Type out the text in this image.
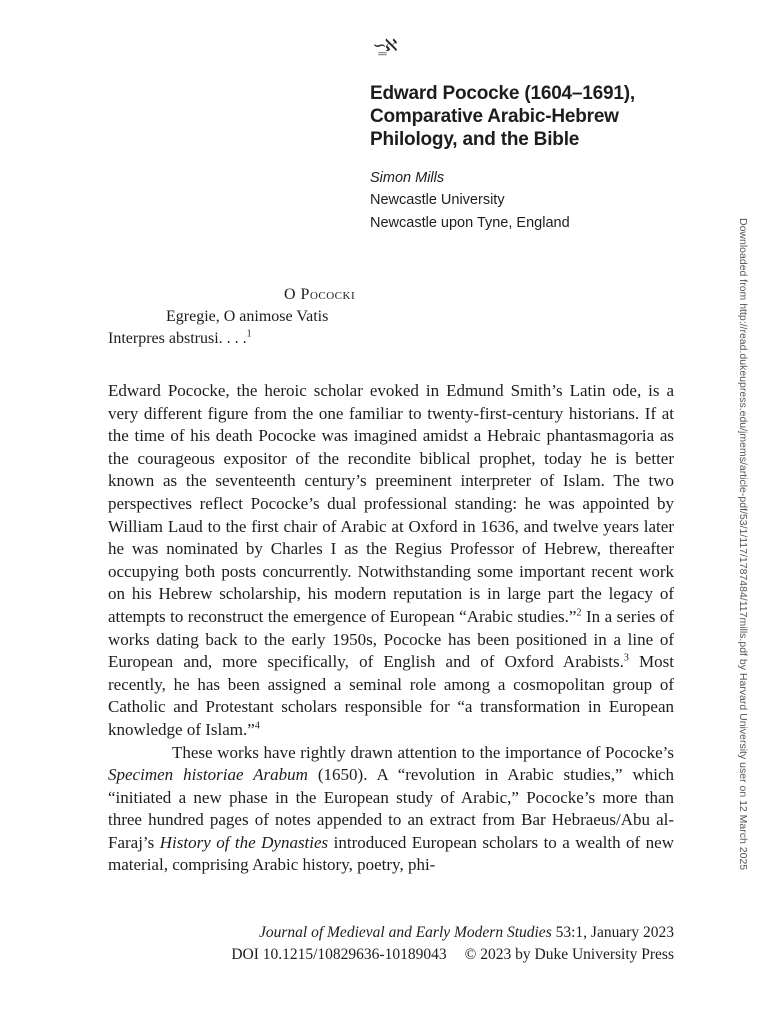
∽̳ℵ
Edward Pococke (1604–1691), Comparative Arabic-Hebrew Philology, and the Bible
Simon Mills
Newcastle University
Newcastle upon Tyne, England
O Pocockı
Egregie, O animose Vatis
Interpres abstrusi. . . .$^1$

Edward Pococke, the heroic scholar evoked in Edmund Smith’s Latin ode, is a very different figure from the one familiar to twenty-first-century historians. If at the time of his death Pococke was imagined amidst a Hebraic phantasmagoria as the courageous expositor of the recondite biblical prophet, today he is better known as the seventeenth century’s preeminent interpreter of Islam. The two perspectives reflect Pococke’s dual professional standing: he was appointed by William Laud to the first chair of Arabic at Oxford in 1636, and twelve years later he was nominated by Charles I as the Regius Professor of Hebrew, thereafter occupying both posts concurrently. Notwithstanding some important recent work on his Hebrew scholarship, his modern reputation is in large part the legacy of attempts to reconstruct the emergence of European “Arabic studies.”$^2$ In a series of works dating back to the early 1950s, Pococke has been positioned in a line of European and, more specifically, of English and of Oxford Arabists.$^3$ Most recently, he has been assigned a seminal role among a cosmopolitan group of Catholic and Protestant scholars responsible for “a transformation in European knowledge of Islam.”$^4$

These works have rightly drawn attention to the importance of Pococke’s Specimen historiae Arabum (1650). A “revolution in Arabic studies,” which “initiated a new phase in the European study of Arabic,” Pococke’s more than three hundred pages of notes appended to an extract from Bar Hebraeus/Abu al-Faraj’s History of the Dynasties introduced European scholars to a wealth of new material, comprising Arabic history, poetry, phi-

Journal of Medieval and Early Modern Studies 53:1, January 2023
DOI 10.1215/10829636-10189043 © 2023 by Duke University Press
Downloaded from http://read.dukeupress.edu/jmems/article-pdf/53/1/117/1787484/117mills.pdf by Harvard University user on 12 March 2025
